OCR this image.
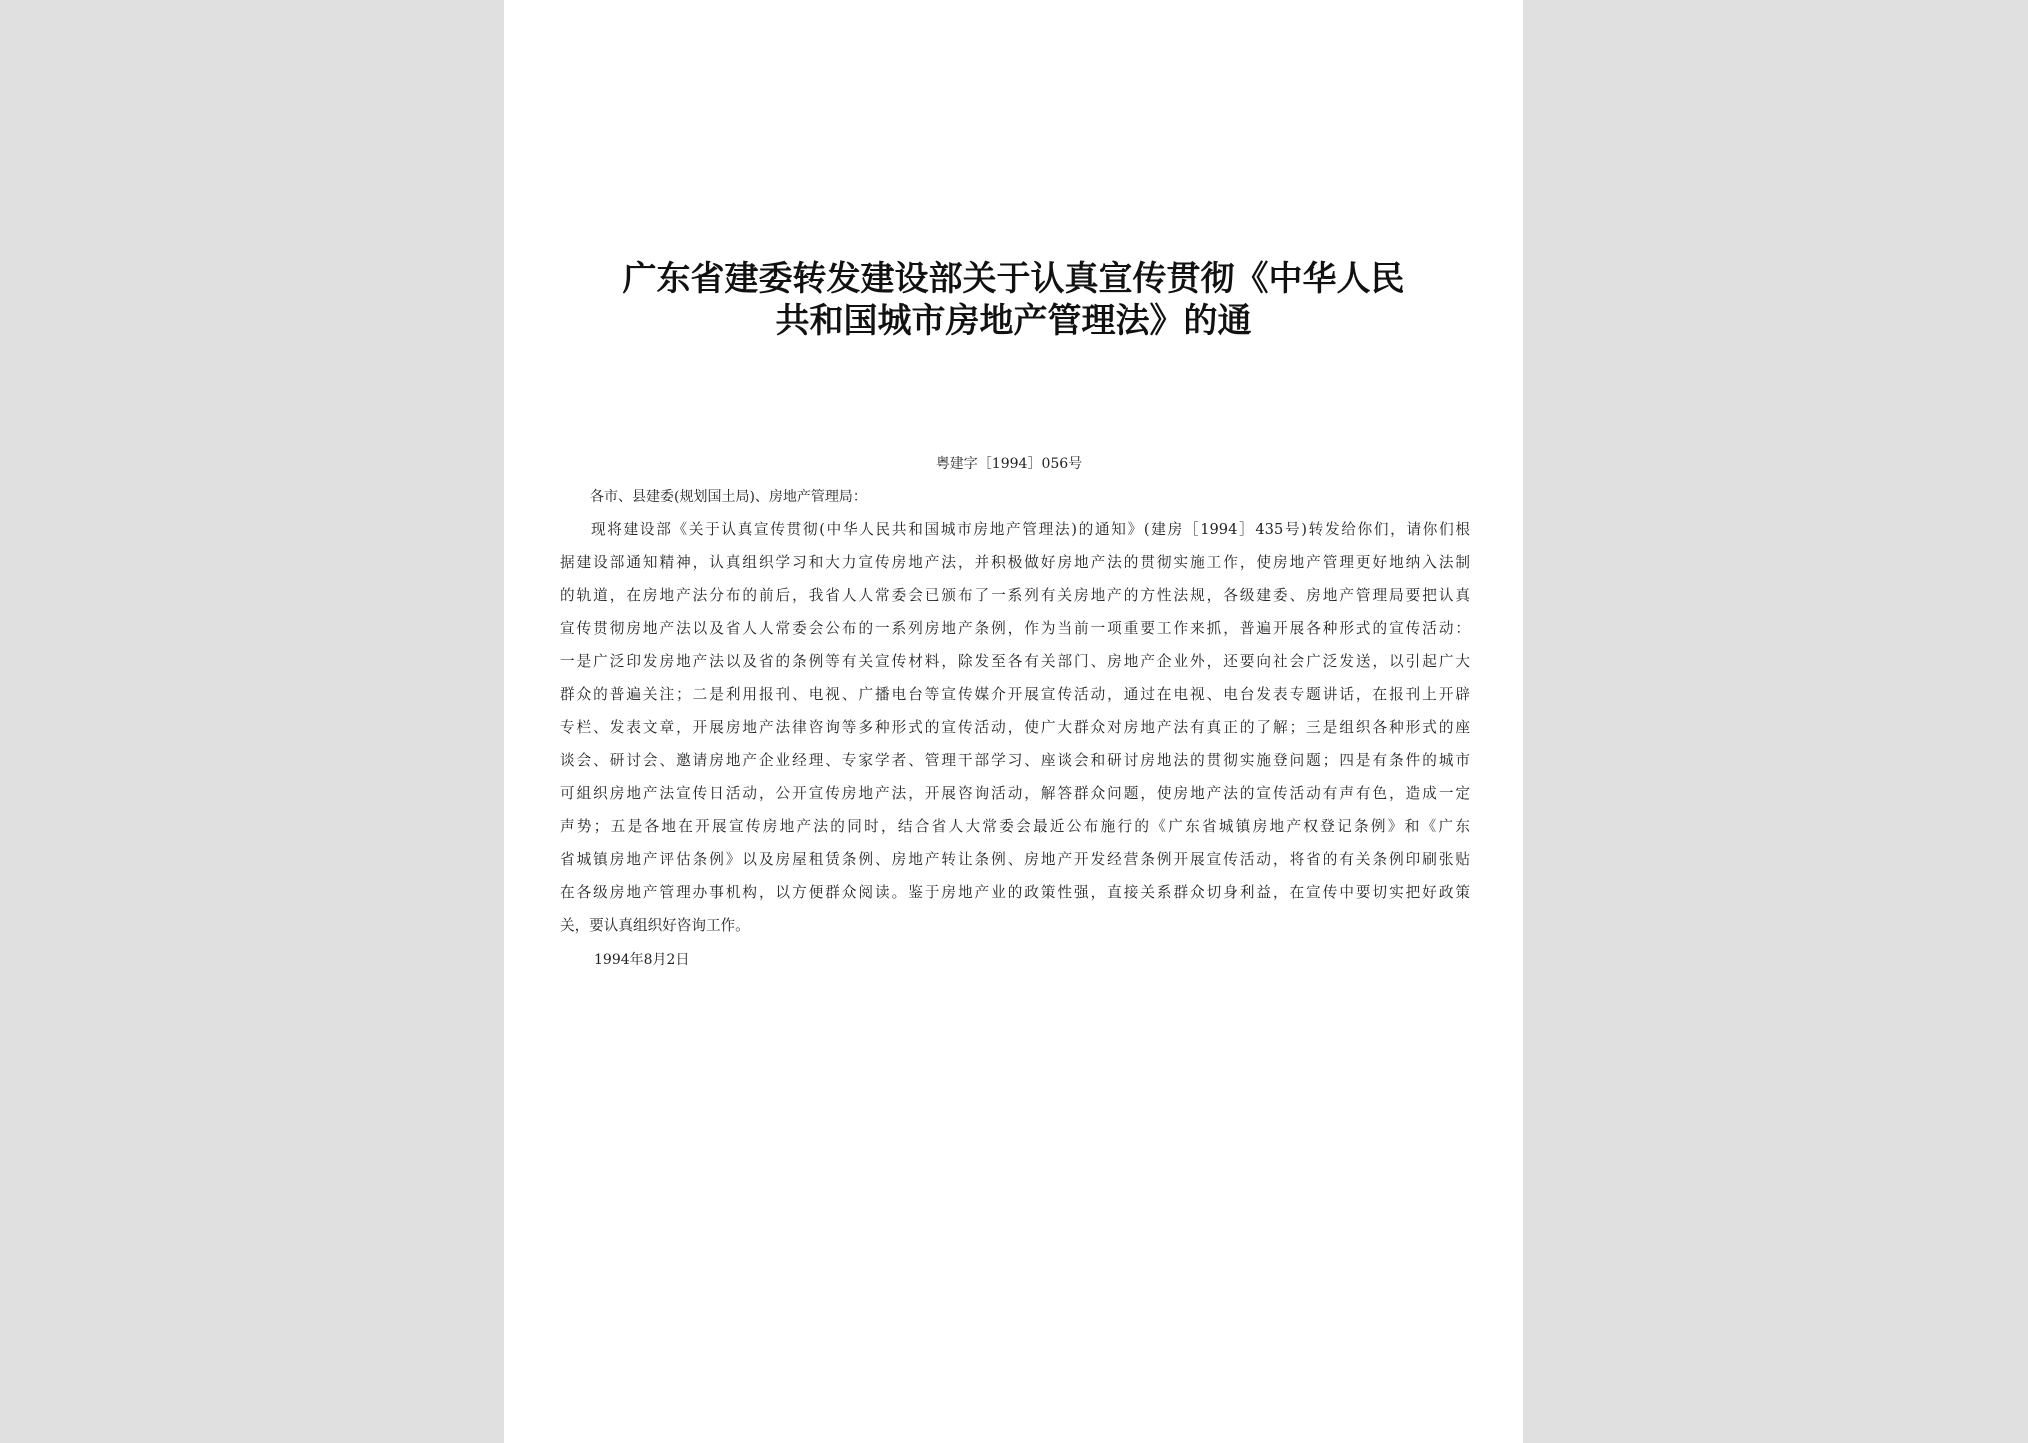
广东省建委转发建设部关于认真宣传贯彻《中华人民
共和国城市房地产管理法》的通
粤建字［1994］056号
各市、县建委(规划国土局)、房地产管理局：
现将建设部《关于认真宣传贯彻(中华人民共和国城市房地产管理法)的通知》(建房［1994］435号)转发给你们，请你们根
据建设部通知精神，认真组织学习和大力宣传房地产法，并积极做好房地产法的贯彻实施工作，使房地产管理更好地纳入法制
的轨道，在房地产法分布的前后，我省人人常委会已颁布了一系列有关房地产的方性法规，各级建委、房地产管理局要把认真
宣传贯彻房地产法以及省人人常委会公布的一系列房地产条例，作为当前一项重要工作来抓，普遍开展各种形式的宣传活动：
一是广泛印发房地产法以及省的条例等有关宣传材料，除发至各有关部门、房地产企业外，还要向社会广泛发送，以引起广大
群众的普遍关注；二是利用报刊、电视、广播电台等宣传媒介开展宣传活动，通过在电视、电台发表专题讲话，在报刊上开辟
专栏、发表文章，开展房地产法律咨询等多种形式的宣传活动，使广大群众对房地产法有真正的了解；三是组织各种形式的座
谈会、研讨会、邀请房地产企业经理、专家学者、管理干部学习、座谈会和研讨房地法的贯彻实施登问题；四是有条件的城市
可組织房地产法宣传日活动，公开宣传房地产法，开展咨询活动，解答群众问题，使房地产法的宣传活动有声有色，造成一定
声势；五是各地在开展宣传房地产法的同时，结合省人大常委会最近公布施行的《广东省城镇房地产权登记条例》和《广东
省城镇房地产评估条例》以及房屋租赁条例、房地产转让条例、房地产开发经营条例开展宣传活动，将省的有关条例印刷张贴
在各级房地产管理办事机构，以方便群众阅读。鉴于房地产业的政策性强，直接关系群众切身利益，在宣传中要切实把好政策
关，要认真组织好咨询工作。
1994年8月2日
